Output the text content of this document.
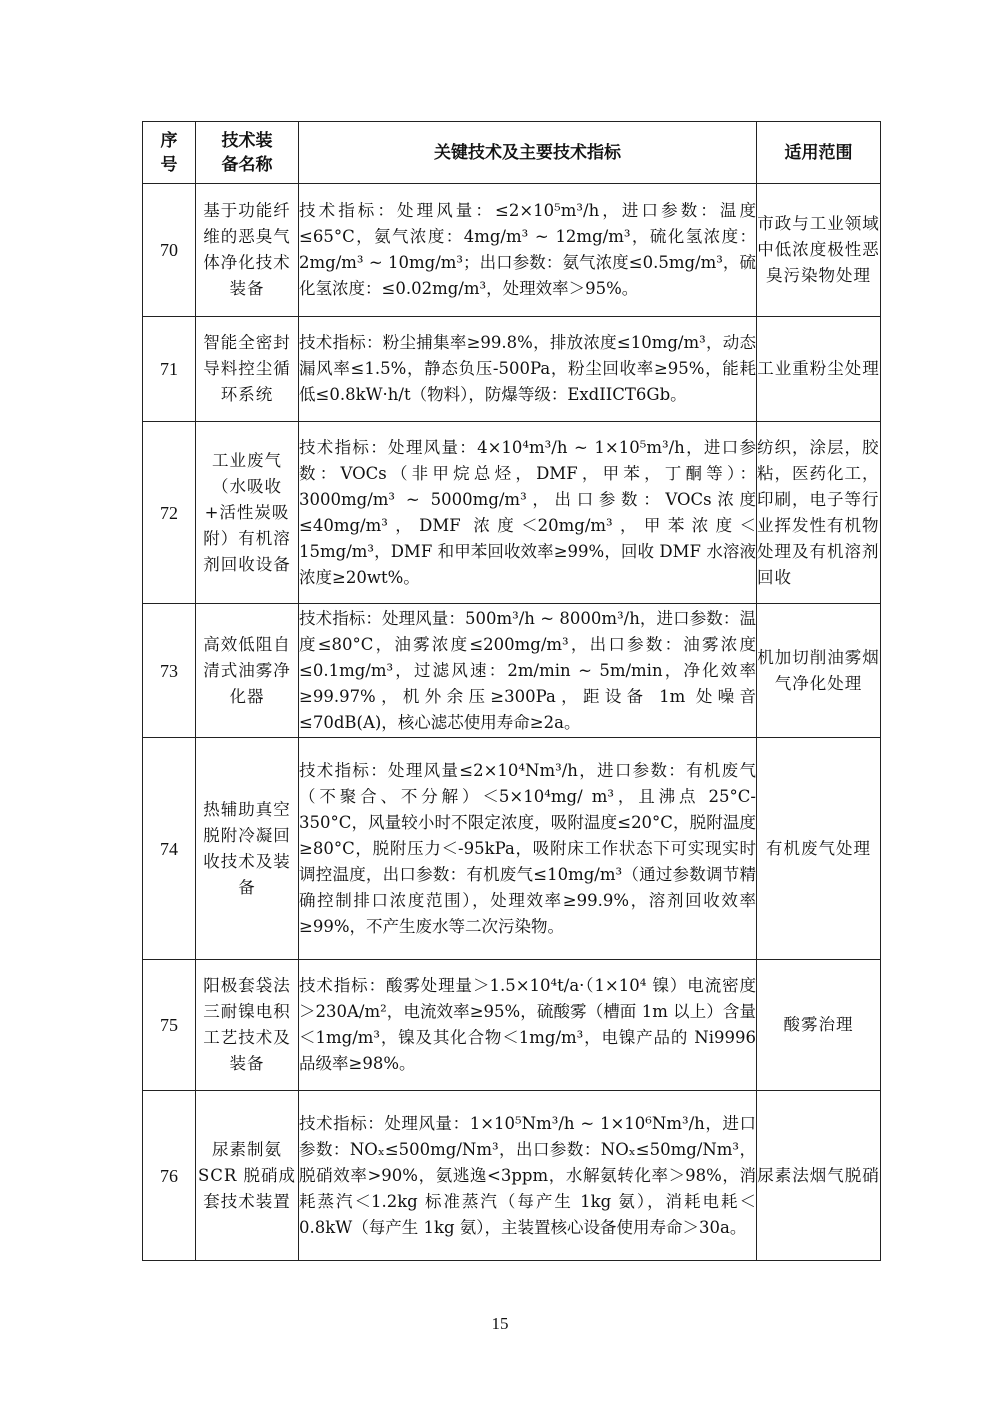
序号	技术装备名称	关键技术及主要技术指标	适用范围
70	基于功能纤维的恶臭气体净化技术装备	技术指标：处理风量：≤2×10⁵m³/h，进口参数：温度≤65°C，氨气浓度：4mg/m³ ~ 12mg/m³，硫化氢浓度：2mg/m³ ~ 10mg/m³；出口参数：氨气浓度≤0.5mg/m³，硫化氢浓度：≤0.02mg/m³，处理效率＞95%。	市政与工业领域中低浓度极性恶臭污染物处理
71	智能全密封导料控尘循环系统	技术指标：粉尘捕集率≥99.8%，排放浓度≤10mg/m³，动态漏风率≤1.5%，静态负压-500Pa，粉尘回收率≥95%，能耗低≤0.8kW·h/t（物料），防爆等级：ExdIICT6Gb。	工业重粉尘处理
72	工业废气（水吸收+活性炭吸附）有机溶剂回收设备	技术指标：处理风量：4×10⁴m³/h ~ 1×10⁵m³/h，进口参数：VOCs（非甲烷总烃，DMF，甲苯，丁酮等）：3000mg/m³ ~ 5000mg/m³，出口参数：VOCs浓度≤40mg/m³，DMF 浓度＜20mg/m³，甲苯浓度＜15mg/m³，DMF 和甲苯回收效率≥99%，回收 DMF 水溶液浓度≥20wt%。	纺织，涂层，胶粘，医药化工，印刷，电子等行业挥发性有机物处理及有机溶剂回收
73	高效低阻自清式油雾净化器	技术指标：处理风量：500m³/h ~ 8000m³/h，进口参数：温度≤80°C，油雾浓度≤200mg/m³，出口参数：油雾浓度≤0.1mg/m³，过滤风速：2m/min ~ 5m/min，净化效率≥99.97%，机外余压≥300Pa，距设备 1m 处噪音≤70dB(A)，核心滤芯使用寿命≥2a。	机加切削油雾烟气净化处理
74	热辅助真空脱附冷凝回收技术及装备	技术指标：处理风量≤2×10⁴Nm³/h，进口参数：有机废气（不聚合、不分解）＜5×10⁴mg/ m³，且沸点 25°C-350°C，风量较小时不限定浓度，吸附温度≤20°C，脱附温度≥80°C，脱附压力＜-95kPa，吸附床工作状态下可实现实时调控温度，出口参数：有机废气≤10mg/m³（通过参数调节精确控制排口浓度范围），处理效率≥99.9%，溶剂回收效率≥99%，不产生废水等二次污染物。	有机废气处理
75	阳极套袋法三耐镍电积工艺技术及装备	技术指标：酸雾处理量＞1.5×10⁴t/a·（1×10⁴ 镍）电流密度＞230A/m²，电流效率≥95%，硫酸雾（槽面 1m 以上）含量＜1mg/m³，镍及其化合物＜1mg/m³，电镍产品的 Ni9996 品级率≥98%。	酸雾治理
76	尿素制氨 SCR 脱硝成套技术装置	技术指标：处理风量：1×10⁵Nm³/h ~ 1×10⁶Nm³/h，进口参数：NOₓ≤500mg/Nm³，出口参数：NOₓ≤50mg/Nm³，脱硝效率>90%，氨逃逸<3ppm，水解氨转化率＞98%，消耗蒸汽＜1.2kg 标准蒸汽（每产生 1kg 氨），消耗电耗＜0.8kW（每产生 1kg 氨），主装置核心设备使用寿命＞30a。	尿素法烟气脱硝
15
